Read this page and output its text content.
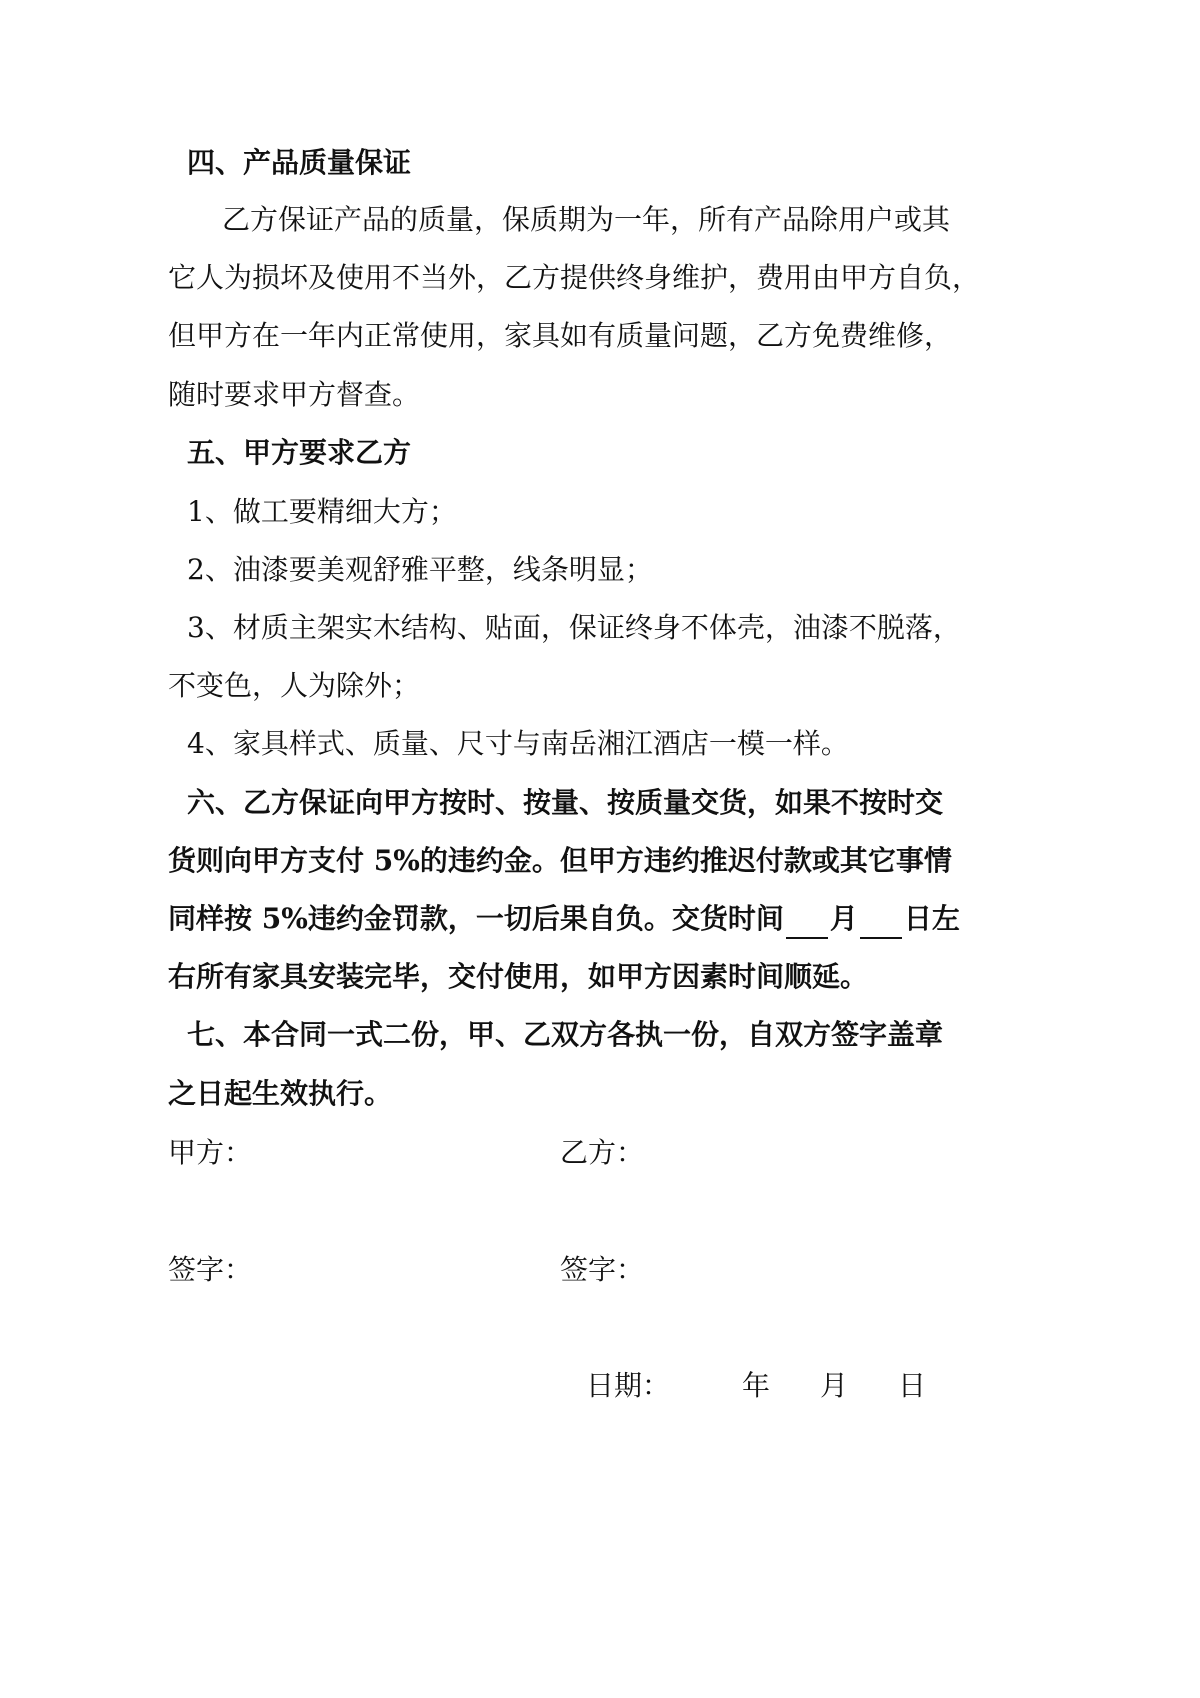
四、产品质量保证
乙方保证产品的质量，保质期为一年，所有产品除用户或其
它人为损坏及使用不当外，乙方提供终身维护，费用由甲方自负，
但甲方在一年内正常使用，家具如有质量问题，乙方免费维修，
随时要求甲方督查。
五、甲方要求乙方
1、做工要精细大方；
2、油漆要美观舒雅平整，线条明显；
3、材质主架实木结构、贴面，保证终身不体壳，油漆不脱落，
不变色，人为除外；
4、家具样式、质量、尺寸与南岳湘江酒店一模一样。
六、乙方保证向甲方按时、按量、按质量交货，如果不按时交
货则向甲方支付 5%的违约金。但甲方违约推迟付款或其它事情
同样按 5%违约金罚款，一切后果自负。交货时间 月 日左
右所有家具安装完毕，交付使用，如甲方因素时间顺延。
七、本合同一式二份，甲、乙双方各执一份，自双方签字盖章
之日起生效执行。
甲方：	乙方：
签字：	签字：
日期：	年 月 日
